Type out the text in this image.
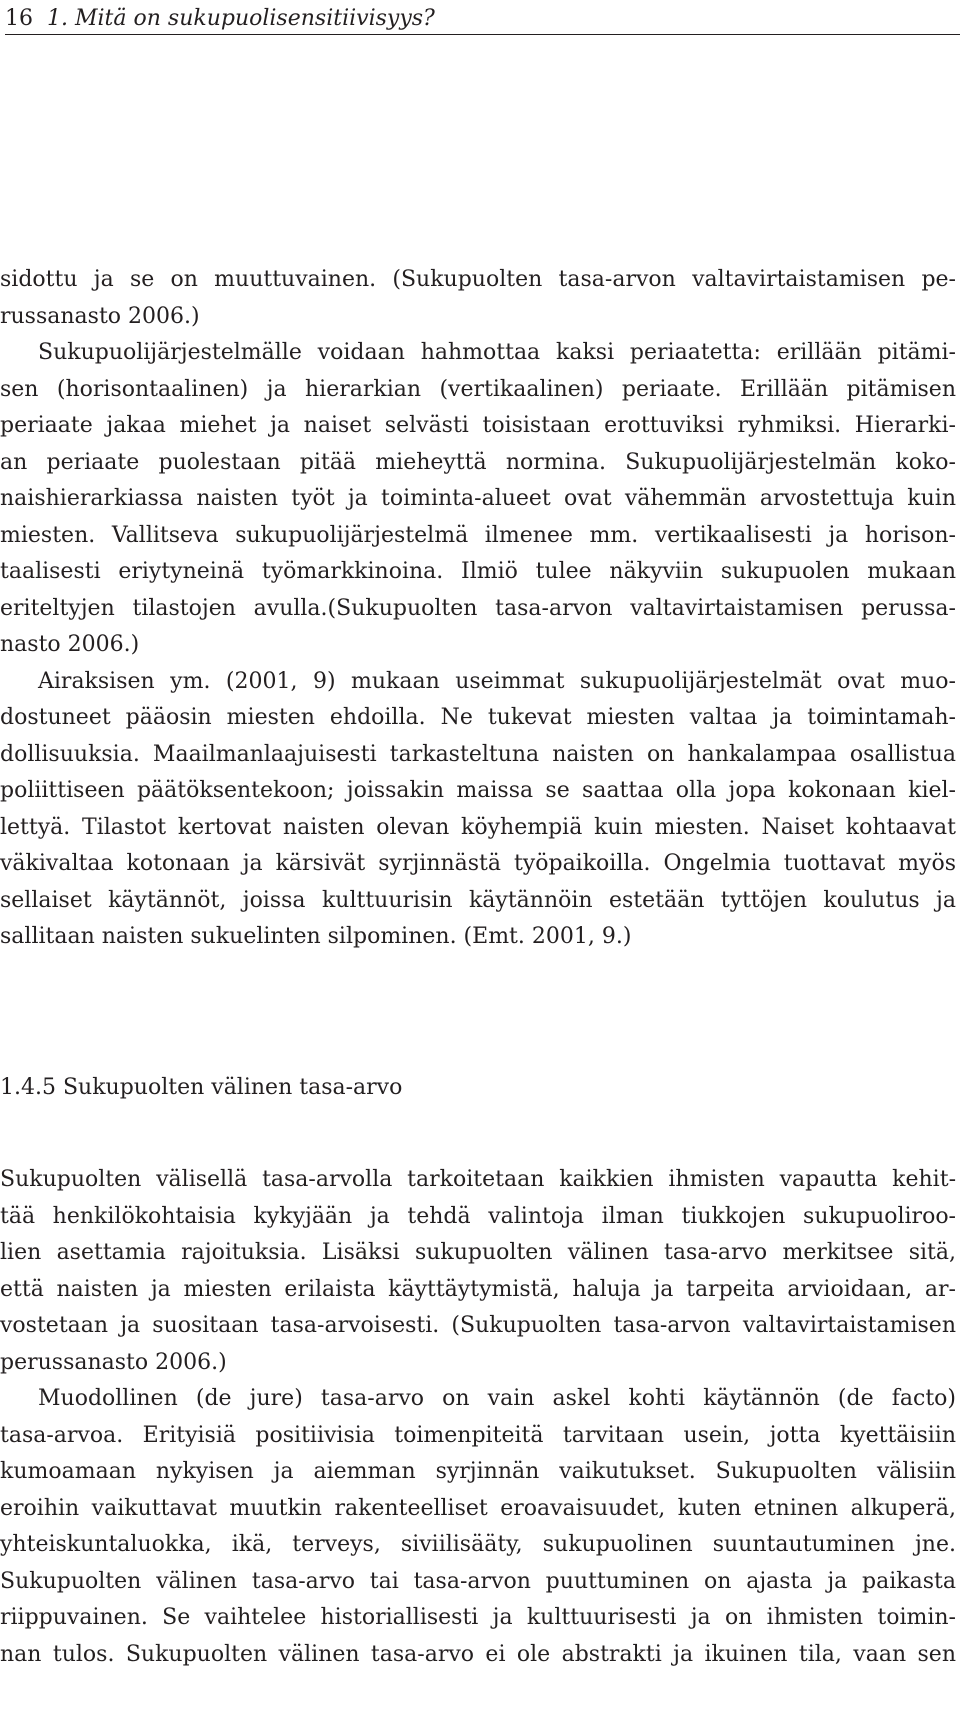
16 1. Mitä on sukupuolisensitiivisyys?
sidottu ja se on muuttuvainen. (Sukupuolten tasa-arvon valtavirtaistamisen pe-
russanasto 2006.)
Sukupuolijärjestelmälle voidaan hahmottaa kaksi periaatetta: erillään pitämi-
sen (horisontaalinen) ja hierarkian (vertikaalinen) periaate. Erillään pitämisen
periaate jakaa miehet ja naiset selvästi toisistaan erottuviksi ryhmiksi. Hierarki-
an periaate puolestaan pitää mieheyttä normina. Sukupuolijärjestelmän koko-
naishierarkiassa naisten työt ja toiminta-alueet ovat vähemmän arvostettuja kuin
miesten. Vallitseva sukupuolijärjestelmä ilmenee mm. vertikaalisesti ja horison-
taalisesti eriytyneinä työmarkkinoina. Ilmiö tulee näkyviin sukupuolen mukaan
eriteltyjen tilastojen avulla.(Sukupuolten tasa-arvon valtavirtaistamisen perussa-
nasto 2006.)
Airaksisen ym. (2001, 9) mukaan useimmat sukupuolijärjestelmät ovat muo-
dostuneet pääosin miesten ehdoilla. Ne tukevat miesten valtaa ja toimintamah-
dollisuuksia. Maailmanlaajuisesti tarkasteltuna naisten on hankalampaa osallistua
poliittiseen päätöksentekoon; joissakin maissa se saattaa olla jopa kokonaan kiel-
lettyä. Tilastot kertovat naisten olevan köyhempiä kuin miesten. Naiset kohtaavat
väkivaltaa kotonaan ja kärsivät syrjinnästä työpaikoilla. Ongelmia tuottavat myös
sellaiset käytännöt, joissa kulttuurisin käytännöin estetään tyttöjen koulutus ja
sallitaan naisten sukuelinten silpominen. (Emt. 2001, 9.)
1.4.5 Sukupuolten välinen tasa-arvo
Sukupuolten välisellä tasa-arvolla tarkoitetaan kaikkien ihmisten vapautta kehit-
tää henkilökohtaisia kykyjään ja tehdä valintoja ilman tiukkojen sukupuoliroo-
lien asettamia rajoituksia. Lisäksi sukupuolten välinen tasa-arvo merkitsee sitä,
että naisten ja miesten erilaista käyttäytymistä, haluja ja tarpeita arvioidaan, ar-
vostetaan ja suositaan tasa-arvoisesti. (Sukupuolten tasa-arvon valtavirtaistamisen
perussanasto 2006.)
Muodollinen (de jure) tasa-arvo on vain askel kohti käytännön (de facto)
tasa-arvoa. Erityisiä positiivisia toimenpiteitä tarvitaan usein, jotta kyettäisiin
kumoamaan nykyisen ja aiemman syrjinnän vaikutukset. Sukupuolten välisiin
eroihin vaikuttavat muutkin rakenteelliset eroavaisuudet, kuten etninen alkuperä,
yhteiskuntaluokka, ikä, terveys, siviilisääty, sukupuolinen suuntautuminen jne.
Sukupuolten välinen tasa-arvo tai tasa-arvon puuttuminen on ajasta ja paikasta
riippuvainen. Se vaihtelee historiallisesti ja kulttuurisesti ja on ihmisten toimin-
nan tulos. Sukupuolten välinen tasa-arvo ei ole abstrakti ja ikuinen tila, vaan sen
